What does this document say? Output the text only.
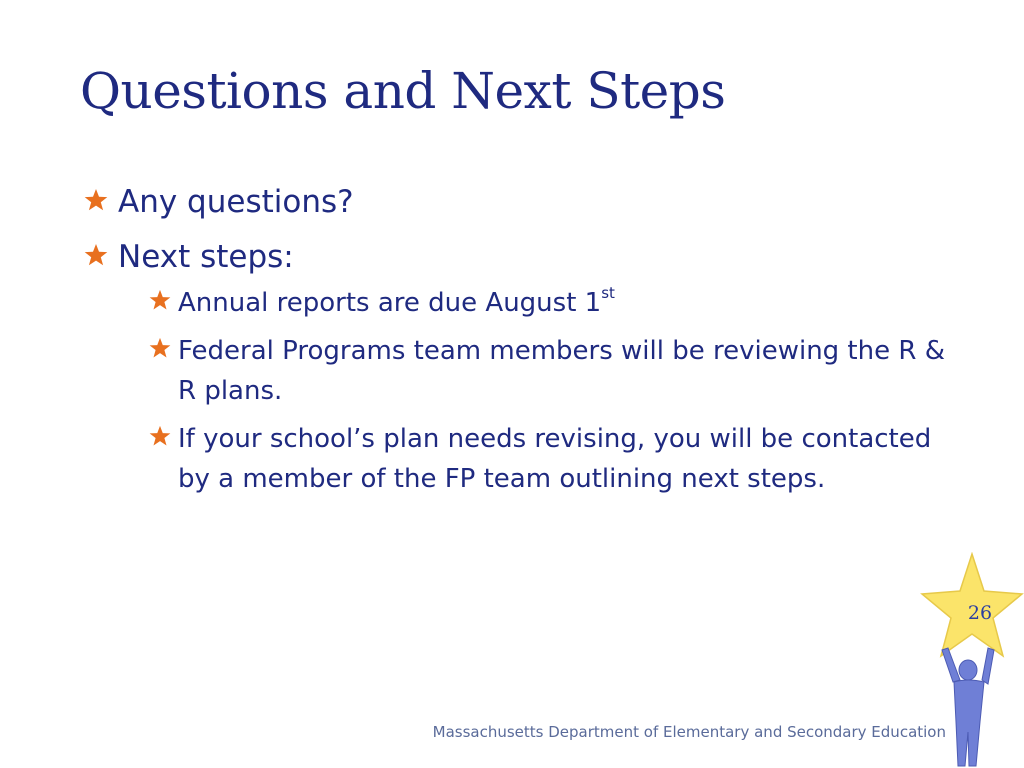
Questions and Next Steps
Any questions?
Next steps:
Annual reports are due August 1st
Federal Programs team members will be reviewing the R & R plans.
If your school’s plan needs revising, you will be contacted by a member of the FP team outlining next steps.
Massachusetts Department of Elementary and Secondary Education
26
